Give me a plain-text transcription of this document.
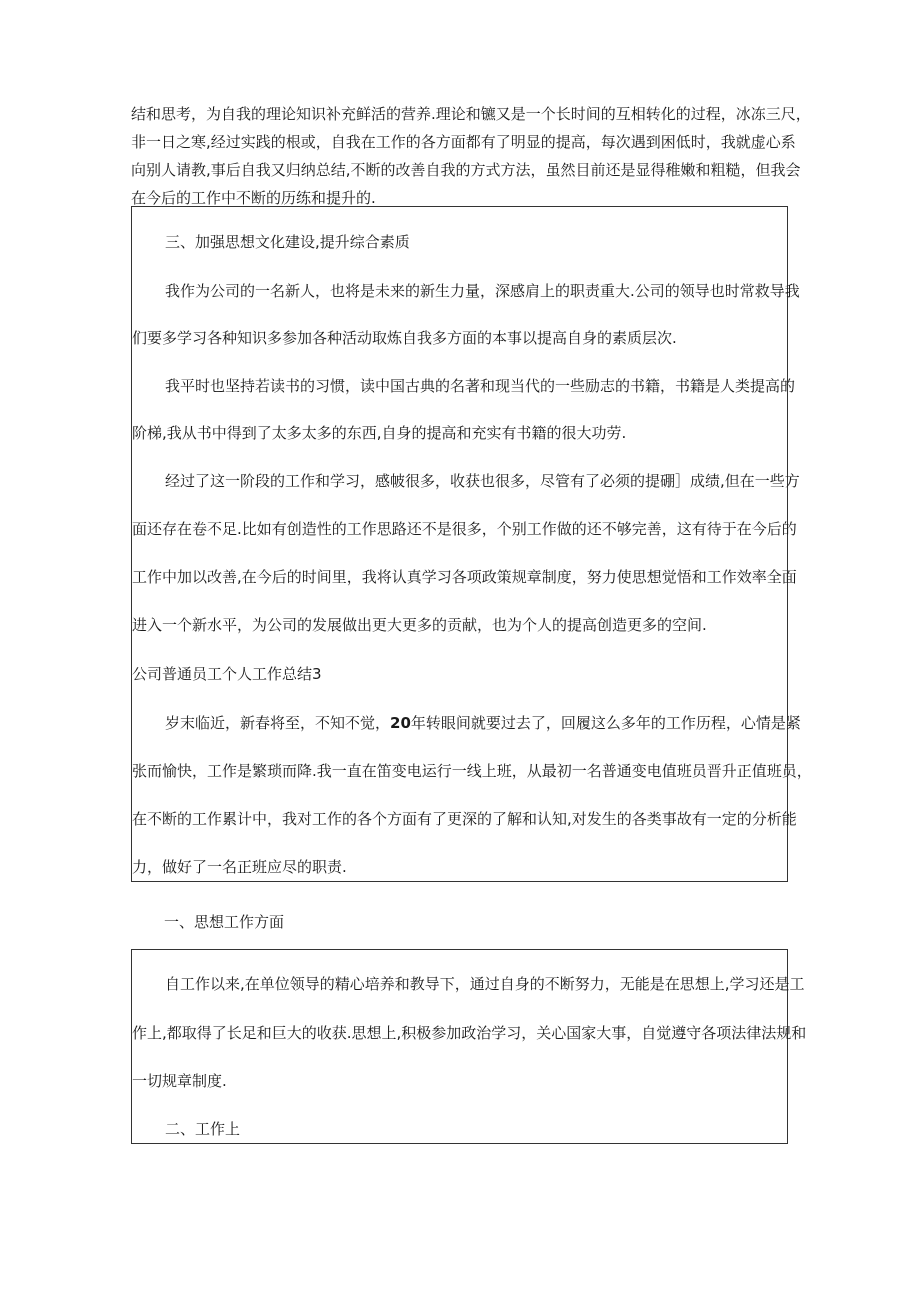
结和思考，为自我的理论知识补充鲜活的营养.理论和镳又是一个长时间的互相转化的过程，冰冻三尺，

非一日之寒,经过实践的根或，自我在工作的各方面都有了明显的提高，每次遇到困低时，我就虚心系

向别人请教,事后自我又归纳总结,不断的改善自我的方式方法，虽然目前还是显得稚嫩和粗糙，但我会

在今后的工作中不断的历练和提升的.

三、加强思想文化建设,提升综合素质

我作为公司的一名新人，也将是未来的新生力量，深感肩上的职责重大.公司的领导也时常救导我

们要多学习各种知识多参加各种活动取炼自我多方面的本事以提高自身的素质层次.

我平时也坚持若读书的习惯，读中国古典的名著和现当代的一些励志的书籍，书籍是人类提高的

阶梯,我从书中得到了太多太多的东西,自身的提高和充实有书籍的很大功劳.

经过了这一阶段的工作和学习，感帔很多，收获也很多，尽管有了必须的提硼］成绩,但在一些方

面还存在卷不足.比如有创造性的工作思路还不是很多，个别工作做的还不够完善，这有待于在今后的

工作中加以改善,在今后的时间里，我将认真学习各项政策规章制度，努力使思想觉悟和工作效率全面

进入一个新水平，为公司的发展做出更大更多的贡献，也为个人的提高创造更多的空间.

公司普通员工个人工作总结3

岁末临近，新春将至，不知不觉，20年转眼间就要过去了，回履这么多年的工作历程，心情是紧

张而愉快，工作是繁琐而降.我一直在笛变电运行一线上班，从最初一名普通变电值班员晋升正值班员，

在不断的工作累计中，我对工作的各个方面有了更深的了解和认知,对发生的各类事故有一定的分析能

力，做好了一名正班应尽的职责.

一、思想工作方面

自工作以来,在单位领导的精心培养和教导下，通过自身的不断努力，无能是在思想上,学习还是工

作上,都取得了长足和巨大的收获.思想上,积极参加政治学习，关心国家大事，自觉遵守各项法律法规和

一切规章制度.

二、工作上
